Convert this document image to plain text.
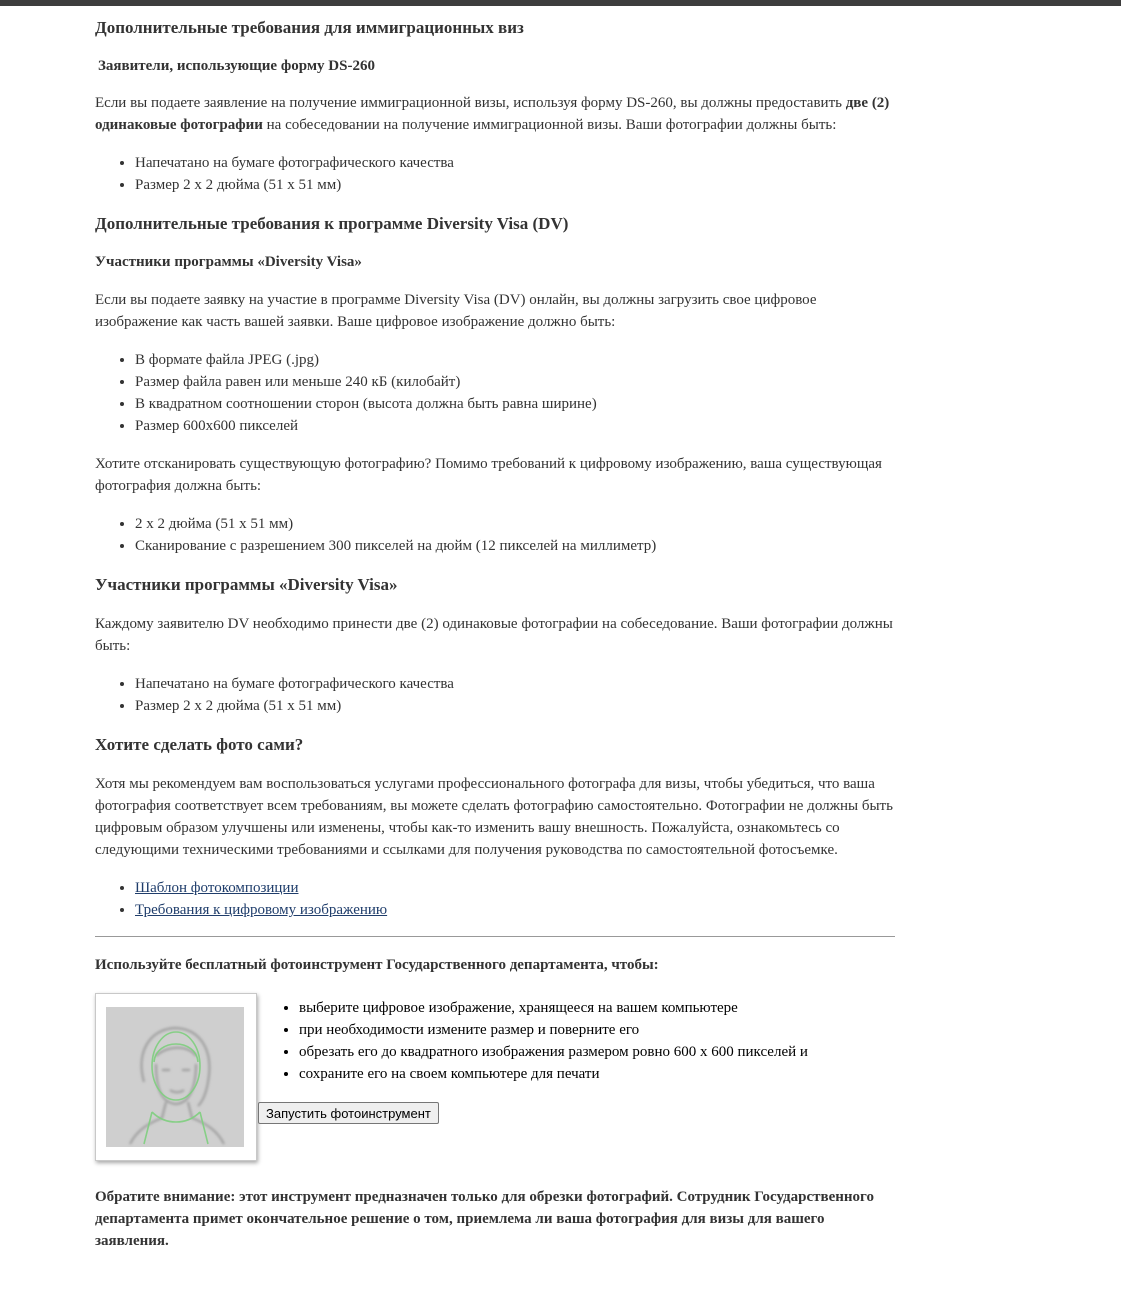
Дополнительные требования для иммиграционных виз
Заявители, использующие форму DS-260

Если вы подаете заявление на получение иммиграционной визы, используя форму DS-260, вы должны предоставить две (2) одинаковые фотографии на собеседовании на получение иммиграционной визы. Ваши фотографии должны быть:

• Напечатано на бумаге фотографического качества
• Размер 2 x 2 дюйма (51 x 51 мм)
Дополнительные требования к программе Diversity Visa (DV)
Участники программы «Diversity Visa»

Если вы подаете заявку на участие в программе Diversity Visa (DV) онлайн, вы должны загрузить свое цифровое изображение как часть вашей заявки. Ваше цифровое изображение должно быть:

• В формате файла JPEG (.jpg)
• Размер файла равен или меньше 240 кБ (килобайт)
• В квадратном соотношении сторон (высота должна быть равна ширине)
• Размер 600x600 пикселей

Хотите отсканировать существующую фотографию? Помимо требований к цифровому изображению, ваша существующая фотография должна быть:

• 2 x 2 дюйма (51 x 51 мм)
• Сканирование с разрешением 300 пикселей на дюйм (12 пикселей на миллиметр)
Участники программы «Diversity Visa»

Каждому заявителю DV необходимо принести две (2) одинаковые фотографии на собеседование. Ваши фотографии должны быть:

• Напечатано на бумаге фотографического качества
• Размер 2 x 2 дюйма (51 x 51 мм)
Хотите сделать фото сами?

Хотя мы рекомендуем вам воспользоваться услугами профессионального фотографа для визы, чтобы убедиться, что ваша фотография соответствует всем требованиям, вы можете сделать фотографию самостоятельно. Фотографии не должны быть цифровым образом улучшены или изменены, чтобы как-то изменить вашу внешность. Пожалуйста, ознакомьтесь со следующими техническими требованиями и ссылками для получения руководства по самостоятельной фотосъемке.

• Шаблон фотокомпозиции
• Требования к цифровому изображению
Используйте бесплатный фотоинструмент Государственного департамента, чтобы:
• выберите цифровое изображение, хранящееся на вашем компьютере
• при необходимости измените размер и поверните его
• обрезать его до квадратного изображения размером ровно 600 x 600 пикселей и
• сохраните его на своем компьютере для печати
Запустить фотоинструмент

Обратите внимание: этот инструмент предназначен только для обрезки фотографий. Сотрудник Государственного департамента примет окончательное решение о том, приемлема ли ваша фотография для визы для вашего заявления.
